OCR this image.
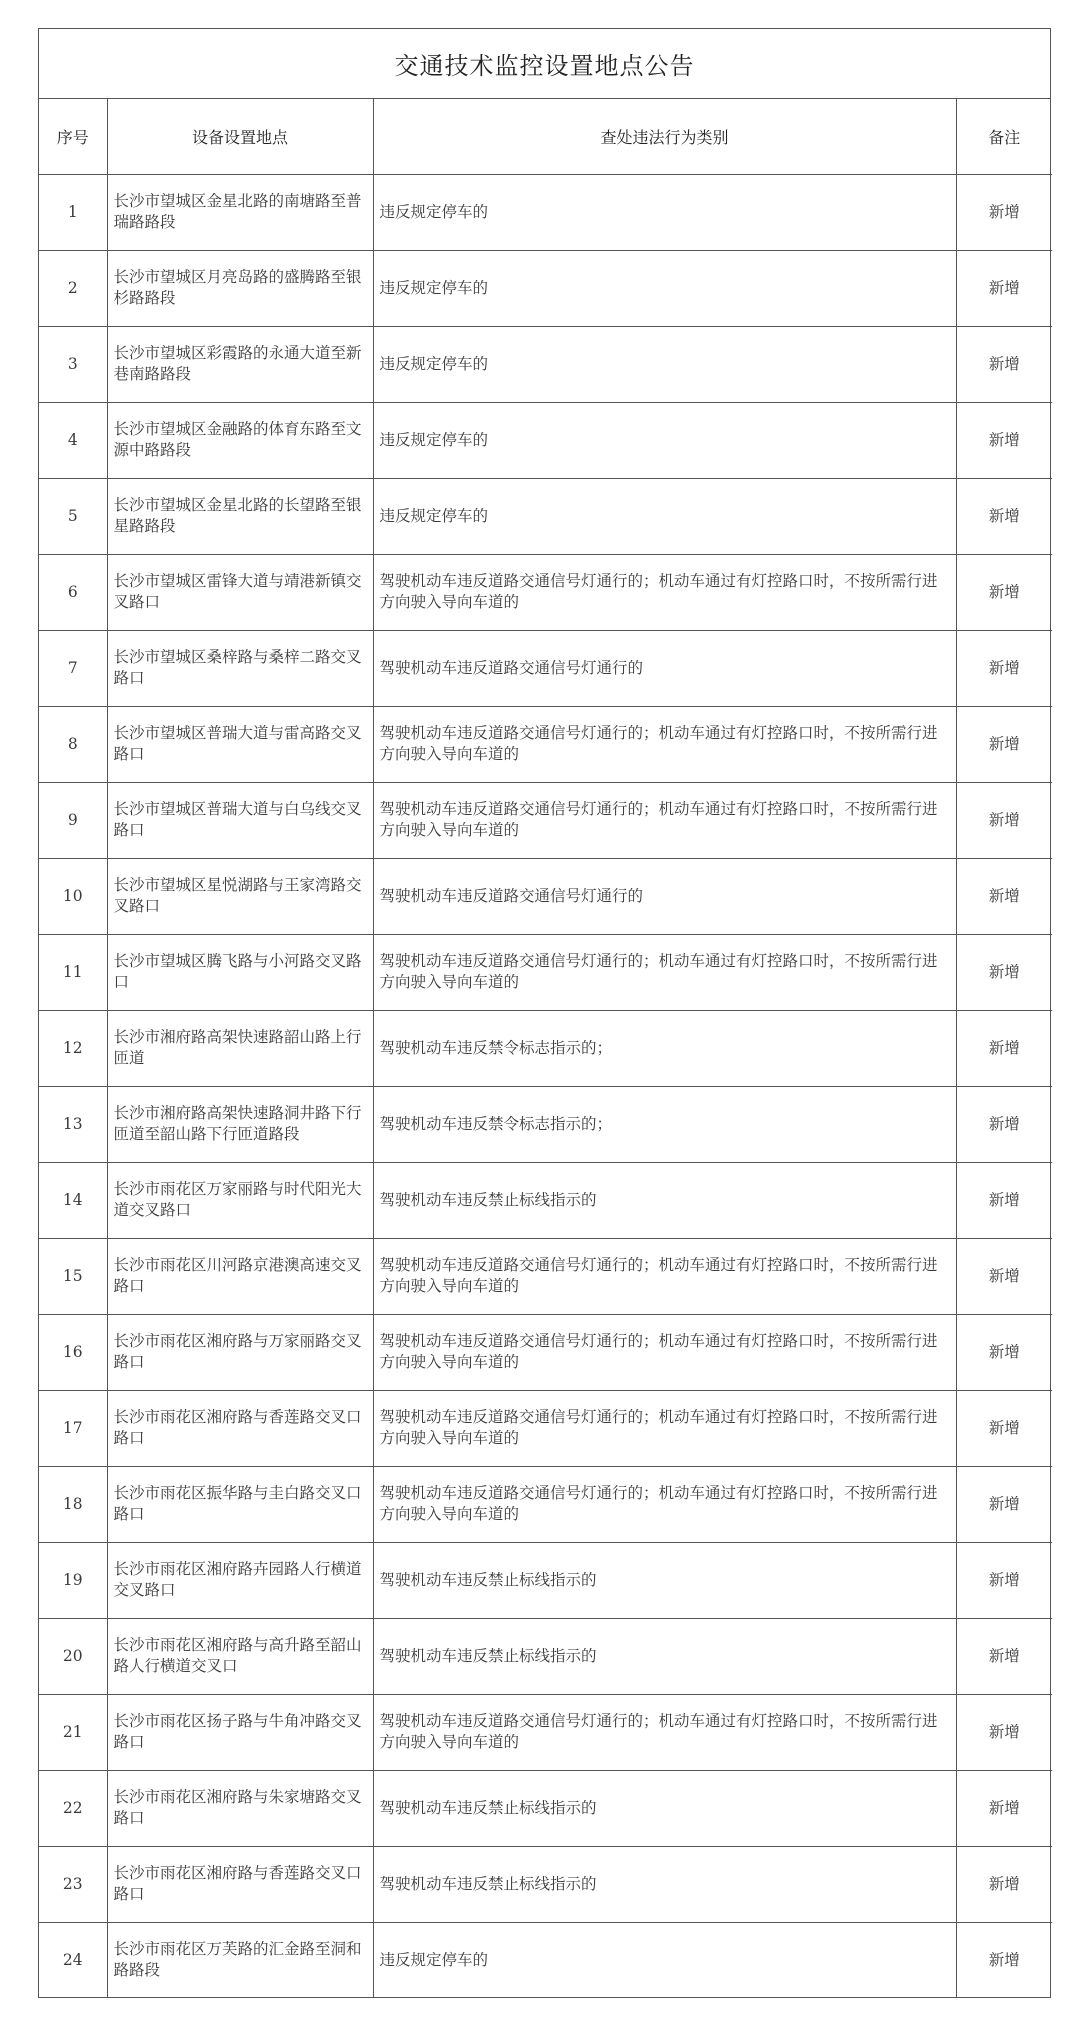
交通技术监控设置地点公告
序号	设备设置地点	查处违法行为类别	备注
1	长沙市望城区金星北路的南塘路至普瑞路路段	违反规定停车的	新增
2	长沙市望城区月亮岛路的盛腾路至银杉路路段	违反规定停车的	新增
3	长沙市望城区彩霞路的永通大道至新巷南路路段	违反规定停车的	新增
4	长沙市望城区金融路的体育东路至文源中路路段	违反规定停车的	新增
5	长沙市望城区金星北路的长望路至银星路路段	违反规定停车的	新增
6	长沙市望城区雷锋大道与靖港新镇交叉路口	驾驶机动车违反道路交通信号灯通行的；机动车通过有灯控路口时，不按所需行进方向驶入导向车道的	新增
7	长沙市望城区桑梓路与桑梓二路交叉路口	驾驶机动车违反道路交通信号灯通行的	新增
8	长沙市望城区普瑞大道与雷高路交叉路口	驾驶机动车违反道路交通信号灯通行的；机动车通过有灯控路口时，不按所需行进方向驶入导向车道的	新增
9	长沙市望城区普瑞大道与白乌线交叉路口	驾驶机动车违反道路交通信号灯通行的；机动车通过有灯控路口时，不按所需行进方向驶入导向车道的	新增
10	长沙市望城区星悦湖路与王家湾路交叉路口	驾驶机动车违反道路交通信号灯通行的	新增
11	长沙市望城区腾飞路与小河路交叉路口	驾驶机动车违反道路交通信号灯通行的；机动车通过有灯控路口时，不按所需行进方向驶入导向车道的	新增
12	长沙市湘府路高架快速路韶山路上行匝道	驾驶机动车违反禁令标志指示的；	新增
13	长沙市湘府路高架快速路洞井路下行匝道至韶山路下行匝道路段	驾驶机动车违反禁令标志指示的；	新增
14	长沙市雨花区万家丽路与时代阳光大道交叉路口	驾驶机动车违反禁止标线指示的	新增
15	长沙市雨花区川河路京港澳高速交叉路口	驾驶机动车违反道路交通信号灯通行的；机动车通过有灯控路口时，不按所需行进方向驶入导向车道的	新增
16	长沙市雨花区湘府路与万家丽路交叉路口	驾驶机动车违反道路交通信号灯通行的；机动车通过有灯控路口时，不按所需行进方向驶入导向车道的	新增
17	长沙市雨花区湘府路与香莲路交叉口路口	驾驶机动车违反道路交通信号灯通行的；机动车通过有灯控路口时，不按所需行进方向驶入导向车道的	新增
18	长沙市雨花区振华路与圭白路交叉口路口	驾驶机动车违反道路交通信号灯通行的；机动车通过有灯控路口时，不按所需行进方向驶入导向车道的	新增
19	长沙市雨花区湘府路卉园路人行横道交叉路口	驾驶机动车违反禁止标线指示的	新增
20	长沙市雨花区湘府路与高升路至韶山路人行横道交叉口	驾驶机动车违反禁止标线指示的	新增
21	长沙市雨花区扬子路与牛角冲路交叉路口	驾驶机动车违反道路交通信号灯通行的；机动车通过有灯控路口时，不按所需行进方向驶入导向车道的	新增
22	长沙市雨花区湘府路与朱家塘路交叉路口	驾驶机动车违反禁止标线指示的	新增
23	长沙市雨花区湘府路与香莲路交叉口路口	驾驶机动车违反禁止标线指示的	新增
24	长沙市雨花区万芙路的汇金路至洞和路路段	违反规定停车的	新增
